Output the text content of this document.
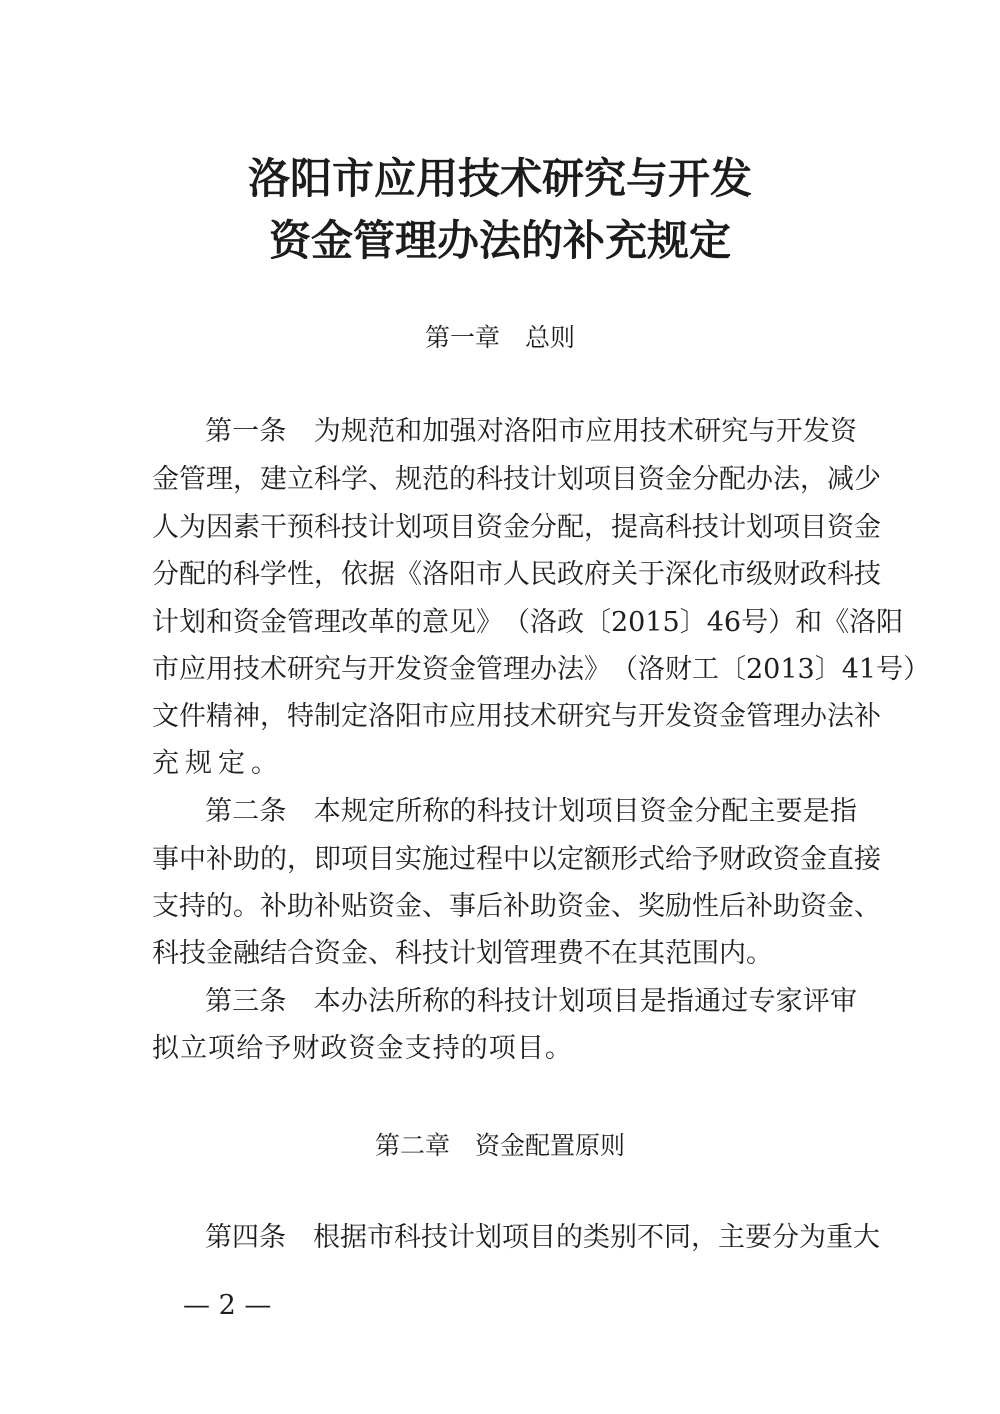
洛阳市应用技术研究与开发
资金管理办法的补充规定
第一章　总则
第 一 条
　 为 规 范 和 加 强 对 洛 阳 市 应 用 技 术 研 究 与 开 发 资
金 管 理 ， 建 立 科 学 、 规 范 的 科 技 计 划 项 目 资 金 分 配 办 法 ， 减 少
人 为 因 素 干 预 科 技 计 划 项 目 资 金 分 配 ， 提 高 科 技 计 划 项 目 资 金
分 配 的 科 学 性 ， 依 据 《 洛 阳 市 人 民 政 府 关 于 深 化 市 级 财 政 科 技
计 划 和 资 金 管 理 改 革 的 意 见 》 （ 洛 政 〔 2015 〕 46 号 ） 和 《 洛 阳
市 应 用 技 术 研 究 与 开 发 资 金 管 理 办 法 》 （ 洛 财 工 〔 2013 〕 41 号 ）
文 件 精 神 ， 特 制 定 洛 阳 市 应 用 技 术 研 究 与 开 发 资 金 管 理 办 法 补
充规定。
第 二 条
　 本 规 定 所 称 的 科 技 计 划 项 目 资 金 分 配 主 要 是 指
事 中 补 助 的 ， 即 项 目 实 施 过 程 中 以 定 额 形 式 给 予 财 政 资 金 直 接
支 持 的 。 补 助 补 贴 资 金 、 事 后 补 助 资 金 、 奖 励 性 后 补 助 资 金 、
科 技 金 融 结 合 资 金 、 科 技 计 划 管 理 费 不 在 其 范 围 内 。
第 三 条
　 本 办 法 所 称 的 科 技 计 划 项 目 是 指 通 过 专 家 评 审
拟 立 项 给 予 财 政 资 金 支 持 的 项 目 。
第二章　资金配置原则
第 四 条
　 根 据 市 科 技 计 划 项 目 的 类 别 不 同 ， 主 要 分 为 重 大
— 2 —
